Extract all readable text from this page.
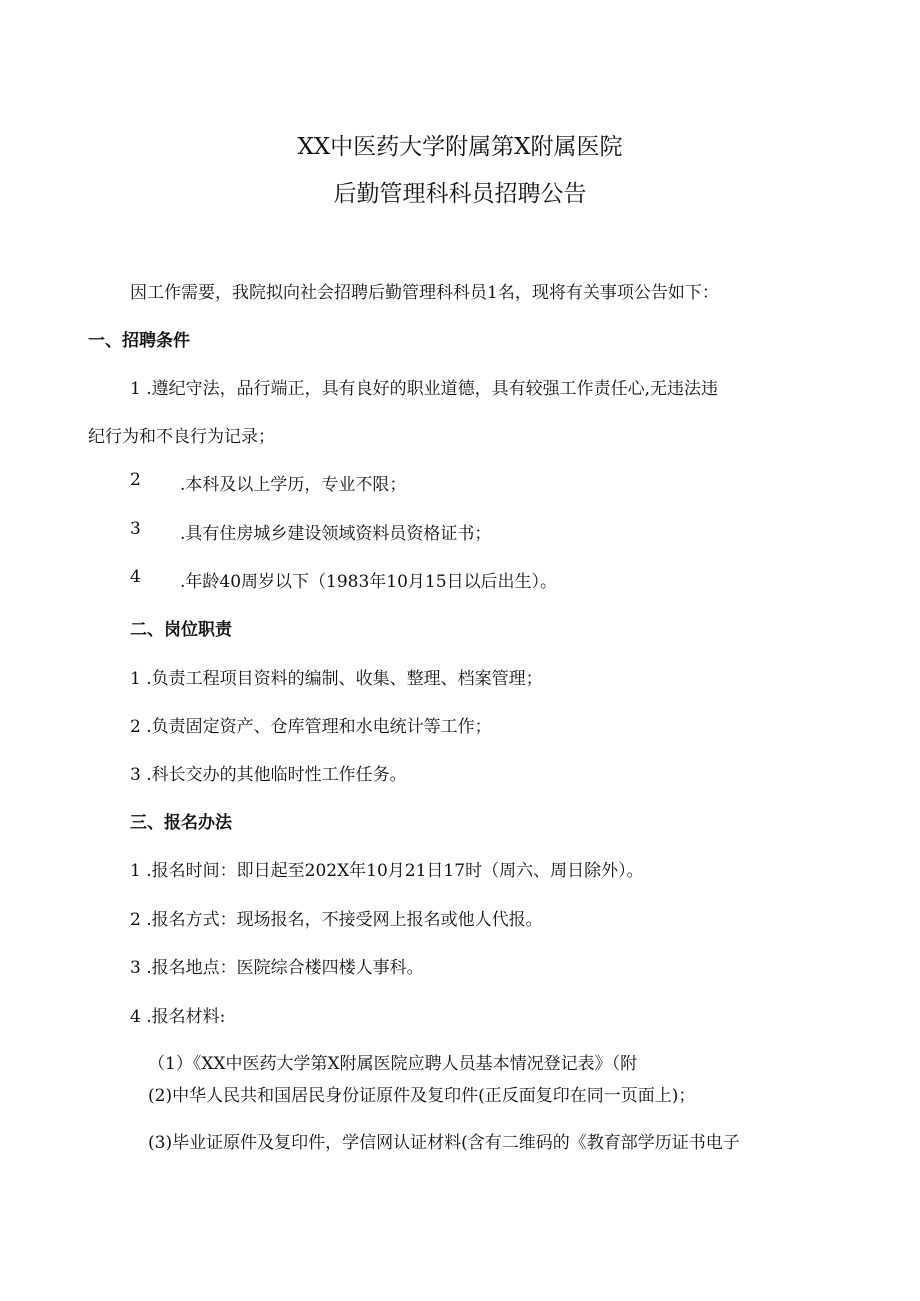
XX中医药大学附属第X附属医院
后勤管理科科员招聘公告
因工作需要，我院拟向社会招聘后勤管理科科员1名，现将有关事项公告如下：
一、招聘条件
1 .遵纪守法，品行端正，具有良好的职业道德，具有较强工作责任心,无违法违
纪行为和不良行为记录；
2 .本科及以上学历，专业不限；
3 .具有住房城乡建设领域资料员资格证书；
4 .年龄40周岁以下（1983年10月15日以后出生）。
二、岗位职责
1 .负责工程项目资料的编制、收集、整理、档案管理；
2 .负责固定资产、仓库管理和水电统计等工作；
3 .科长交办的其他临时性工作任务。
三、报名办法
1 .报名时间：即日起至202X年10月21日17时（周六、周日除外）。
2 .报名方式：现场报名，不接受网上报名或他人代报。
3 .报名地点：医院综合楼四楼人事科。
4 .报名材料:
（1）《XX中医药大学第X附属医院应聘人员基本情况登记表》（附
(2)中华人民共和国居民身份证原件及复印件(正反面复印在同一页面上)；
(3)毕业证原件及复印件，学信网认证材料(含有二维码的《教育部学历证书电子
